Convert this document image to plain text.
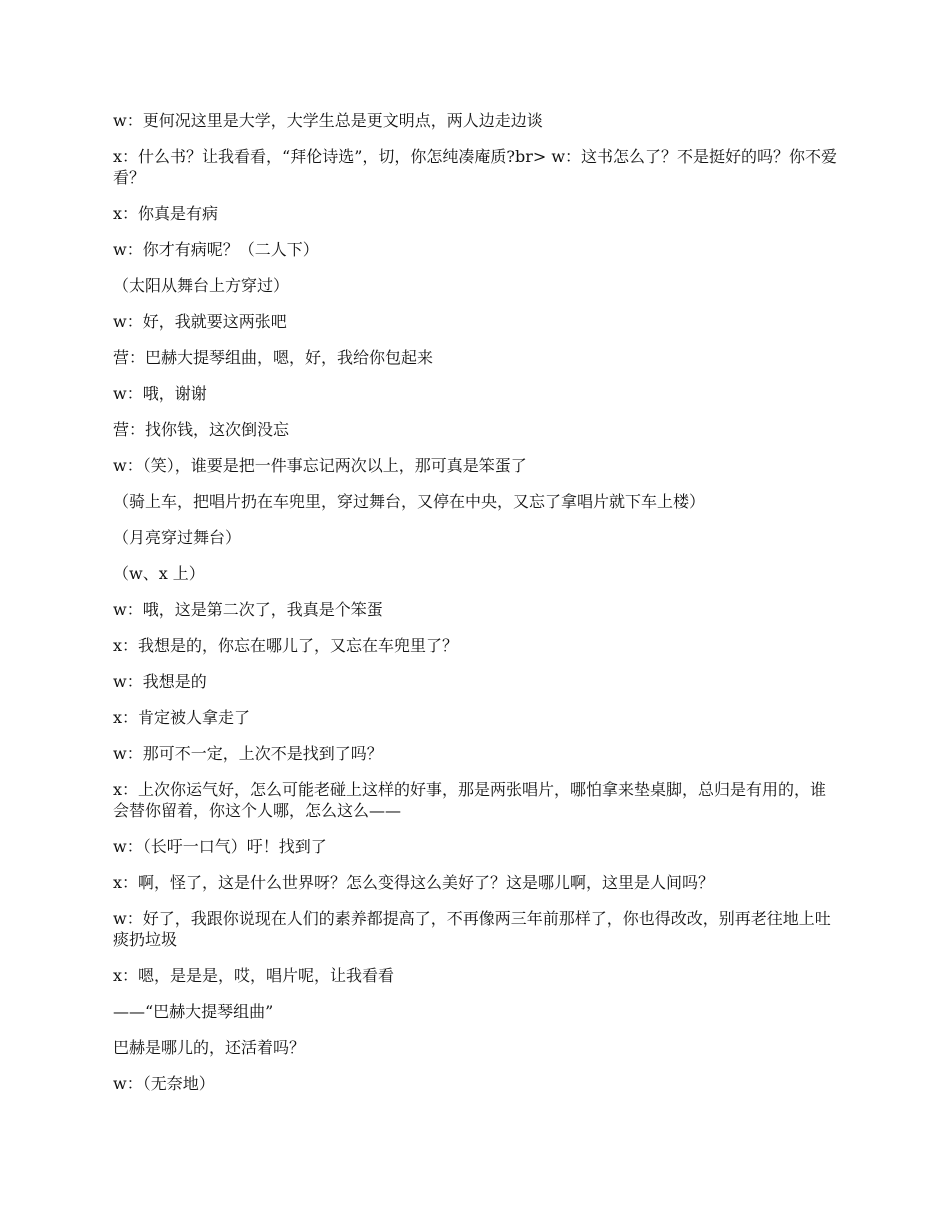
w：更何况这里是大学，大学生总是更文明点，两人边走边谈

x：什么书？让我看看，“拜伦诗选”，切，你怎纯凑庵质?br> w：这书怎么了？不是挺好的吗？你不爱看？

x：你真是有病

w：你才有病呢？（二人下）

（太阳从舞台上方穿过）

w：好，我就要这两张吧

营：巴赫大提琴组曲，嗯，好，我给你包起来

w：哦，谢谢

营：找你钱，这次倒没忘

w：（笑），谁要是把一件事忘记两次以上，那可真是笨蛋了

（骑上车，把唱片扔在车兜里，穿过舞台，又停在中央，又忘了拿唱片就下车上楼）

（月亮穿过舞台）

（w、x 上）

w：哦，这是第二次了，我真是个笨蛋

x：我想是的，你忘在哪儿了，又忘在车兜里了？

w：我想是的

x：肯定被人拿走了

w：那可不一定，上次不是找到了吗？

x：上次你运气好，怎么可能老碰上这样的好事，那是两张唱片，哪怕拿来垫桌脚，总归是有用的，谁会替你留着，你这个人哪，怎么这么——

w：（长吁一口气）吁！找到了

x：啊，怪了，这是什么世界呀？怎么变得这么美好了？这是哪儿啊，这里是人间吗？

w：好了，我跟你说现在人们的素养都提高了，不再像两三年前那样了，你也得改改，别再老往地上吐痰扔垃圾

x：嗯，是是是，哎，唱片呢，让我看看

——“巴赫大提琴组曲”

巴赫是哪儿的，还活着吗？

w：（无奈地）
